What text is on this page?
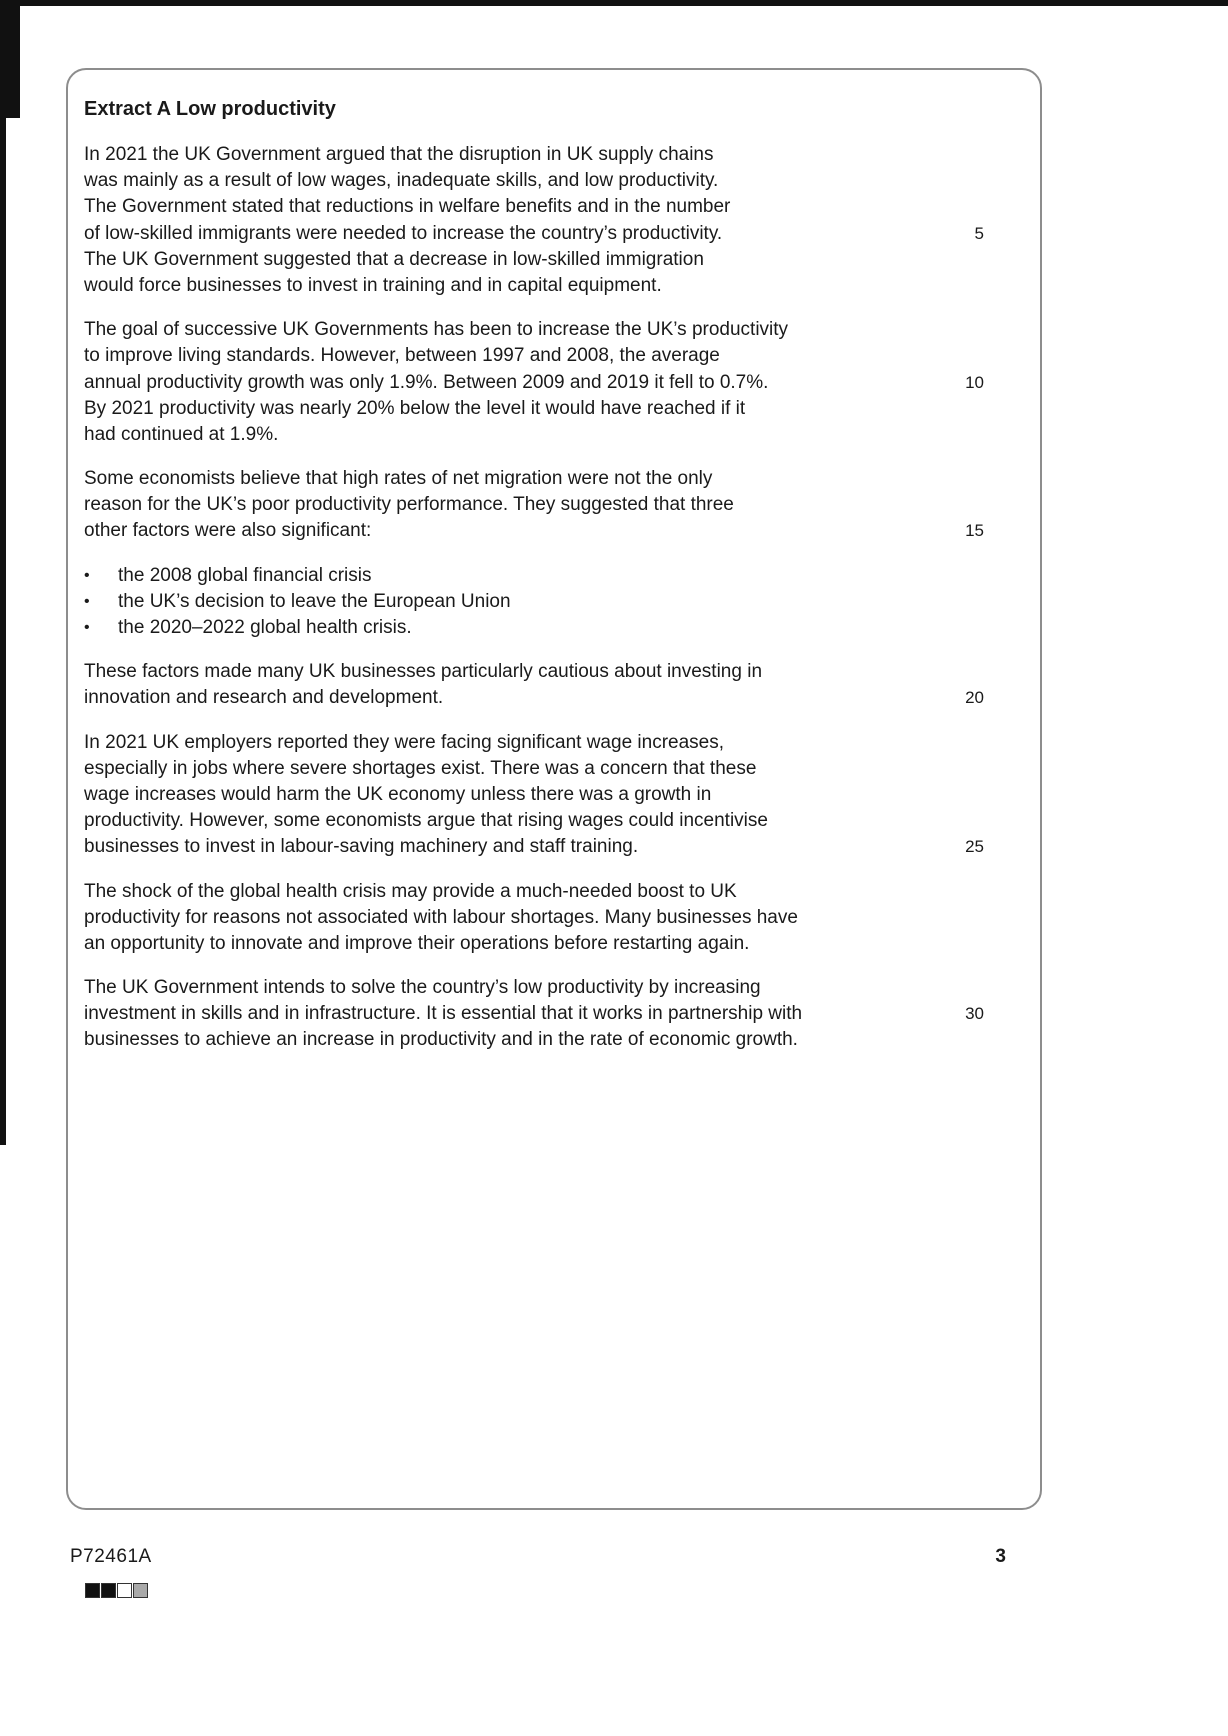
Extract A Low productivity
In 2021 the UK Government argued that the disruption in UK supply chains
was mainly as a result of low wages, inadequate skills, and low productivity.
The Government stated that reductions in welfare benefits and in the number
of low-skilled immigrants were needed to increase the country’s productivity.	5
The UK Government suggested that a decrease in low-skilled immigration
would force businesses to invest in training and in capital equipment.
The goal of successive UK Governments has been to increase the UK’s productivity
to improve living standards. However, between 1997 and 2008, the average
annual productivity growth was only 1.9%. Between 2009 and 2019 it fell to 0.7%.	10
By 2021 productivity was nearly 20% below the level it would have reached if it
had continued at 1.9%.
Some economists believe that high rates of net migration were not the only
reason for the UK’s poor productivity performance. They suggested that three
other factors were also significant:	15
• the 2008 global financial crisis
• the UK’s decision to leave the European Union
• the 2020–2022 global health crisis.
These factors made many UK businesses particularly cautious about investing in
innovation and research and development.	20
In 2021 UK employers reported they were facing significant wage increases,
especially in jobs where severe shortages exist. There was a concern that these
wage increases would harm the UK economy unless there was a growth in
productivity. However, some economists argue that rising wages could incentivise
businesses to invest in labour-saving machinery and staff training.	25
The shock of the global health crisis may provide a much-needed boost to UK
productivity for reasons not associated with labour shortages. Many businesses have
an opportunity to innovate and improve their operations before restarting again.
The UK Government intends to solve the country’s low productivity by increasing
investment in skills and in infrastructure. It is essential that it works in partnership with	30
businesses to achieve an increase in productivity and in the rate of economic growth.
P72461A	3
